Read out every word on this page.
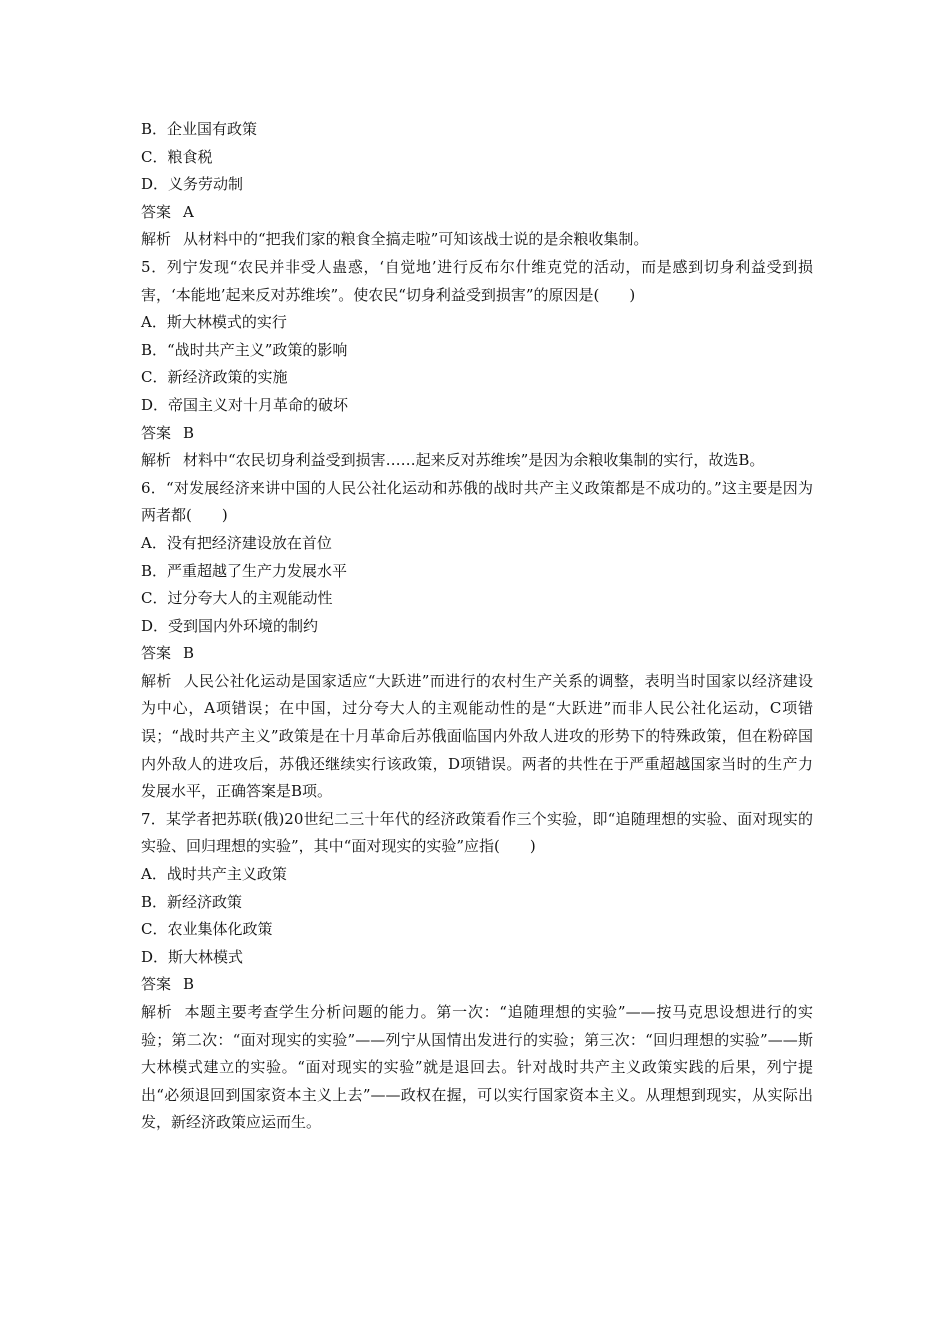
B．企业国有政策
C．粮食税
D．义务劳动制
答案 A
解析 从材料中的“把我们家的粮食全搞走啦”可知该战士说的是余粮收集制。
5．列宁发现“农民并非受人蛊惑，‘自觉地’进行反布尔什维克党的活动，而是感到切身利益受到损害，‘本能地’起来反对苏维埃”。使农民“切身利益受到损害”的原因是(　　)
A．斯大林模式的实行
B．“战时共产主义”政策的影响
C．新经济政策的实施
D．帝国主义对十月革命的破坏
答案 B
解析 材料中“农民切身利益受到损害……起来反对苏维埃”是因为余粮收集制的实行，故选B。
6．“对发展经济来讲中国的人民公社化运动和苏俄的战时共产主义政策都是不成功的。”这主要是因为两者都(　　)
A．没有把经济建设放在首位
B．严重超越了生产力发展水平
C．过分夸大人的主观能动性
D．受到国内外环境的制约
答案 B
解析 人民公社化运动是国家适应“大跃进”而进行的农村生产关系的调整，表明当时国家以经济建设为中心，A项错误；在中国，过分夸大人的主观能动性的是“大跃进”而非人民公社化运动，C项错误；“战时共产主义”政策是在十月革命后苏俄面临国内外敌人进攻的形势下的特殊政策，但在粉碎国内外敌人的进攻后，苏俄还继续实行该政策，D项错误。两者的共性在于严重超越国家当时的生产力发展水平，正确答案是B项。
7．某学者把苏联(俄)20世纪二三十年代的经济政策看作三个实验，即“追随理想的实验、面对现实的实验、回归理想的实验”，其中“面对现实的实验”应指(　　)
A．战时共产主义政策
B．新经济政策
C．农业集体化政策
D．斯大林模式
答案 B
解析 本题主要考查学生分析问题的能力。第一次：“追随理想的实验”——按马克思设想进行的实验；第二次：“面对现实的实验”——列宁从国情出发进行的实验；第三次：“回归理想的实验”——斯大林模式建立的实验。“面对现实的实验”就是退回去。针对战时共产主义政策实践的后果，列宁提出“必须退回到国家资本主义上去”——政权在握，可以实行国家资本主义。从理想到现实，从实际出发，新经济政策应运而生。
